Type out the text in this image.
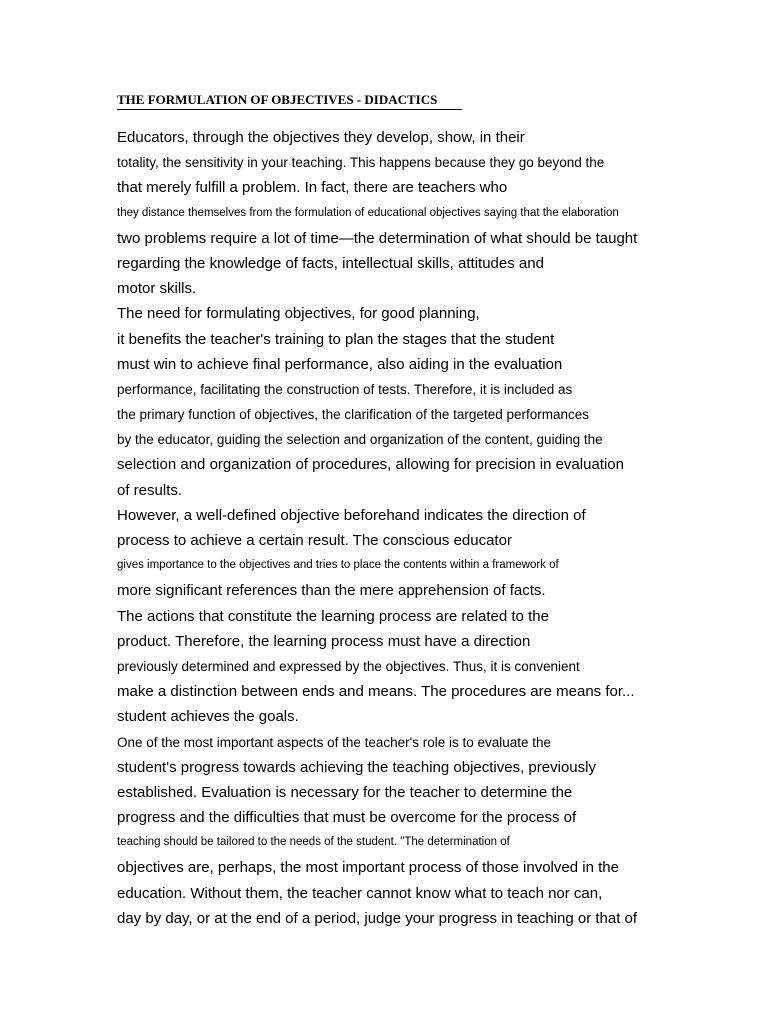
THE FORMULATION OF OBJECTIVES - DIDACTICS
Educators, through the objectives they develop, show, in their
totality, the sensitivity in your teaching. This happens because they go beyond the
that merely fulfill a problem. In fact, there are teachers who
they distance themselves from the formulation of educational objectives saying that the elaboration
two problems require a lot of time—the determination of what should be taught
regarding the knowledge of facts, intellectual skills, attitudes and
motor skills.
The need for formulating objectives, for good planning,
it benefits the teacher's training to plan the stages that the student
must win to achieve final performance, also aiding in the evaluation
performance, facilitating the construction of tests. Therefore, it is included as
the primary function of objectives, the clarification of the targeted performances
by the educator, guiding the selection and organization of the content, guiding the
selection and organization of procedures, allowing for precision in evaluation
of results.
However, a well-defined objective beforehand indicates the direction of
process to achieve a certain result. The conscious educator
gives importance to the objectives and tries to place the contents within a framework of
more significant references than the mere apprehension of facts.
The actions that constitute the learning process are related to the
product. Therefore, the learning process must have a direction
previously determined and expressed by the objectives. Thus, it is convenient
make a distinction between ends and means. The procedures are means for...
student achieves the goals.
One of the most important aspects of the teacher's role is to evaluate the
student's progress towards achieving the teaching objectives, previously
established. Evaluation is necessary for the teacher to determine the
progress and the difficulties that must be overcome for the process of
teaching should be tailored to the needs of the student. "The determination of
objectives are, perhaps, the most important process of those involved in the
education. Without them, the teacher cannot know what to teach nor can,
day by day, or at the end of a period, judge your progress in teaching or that of
